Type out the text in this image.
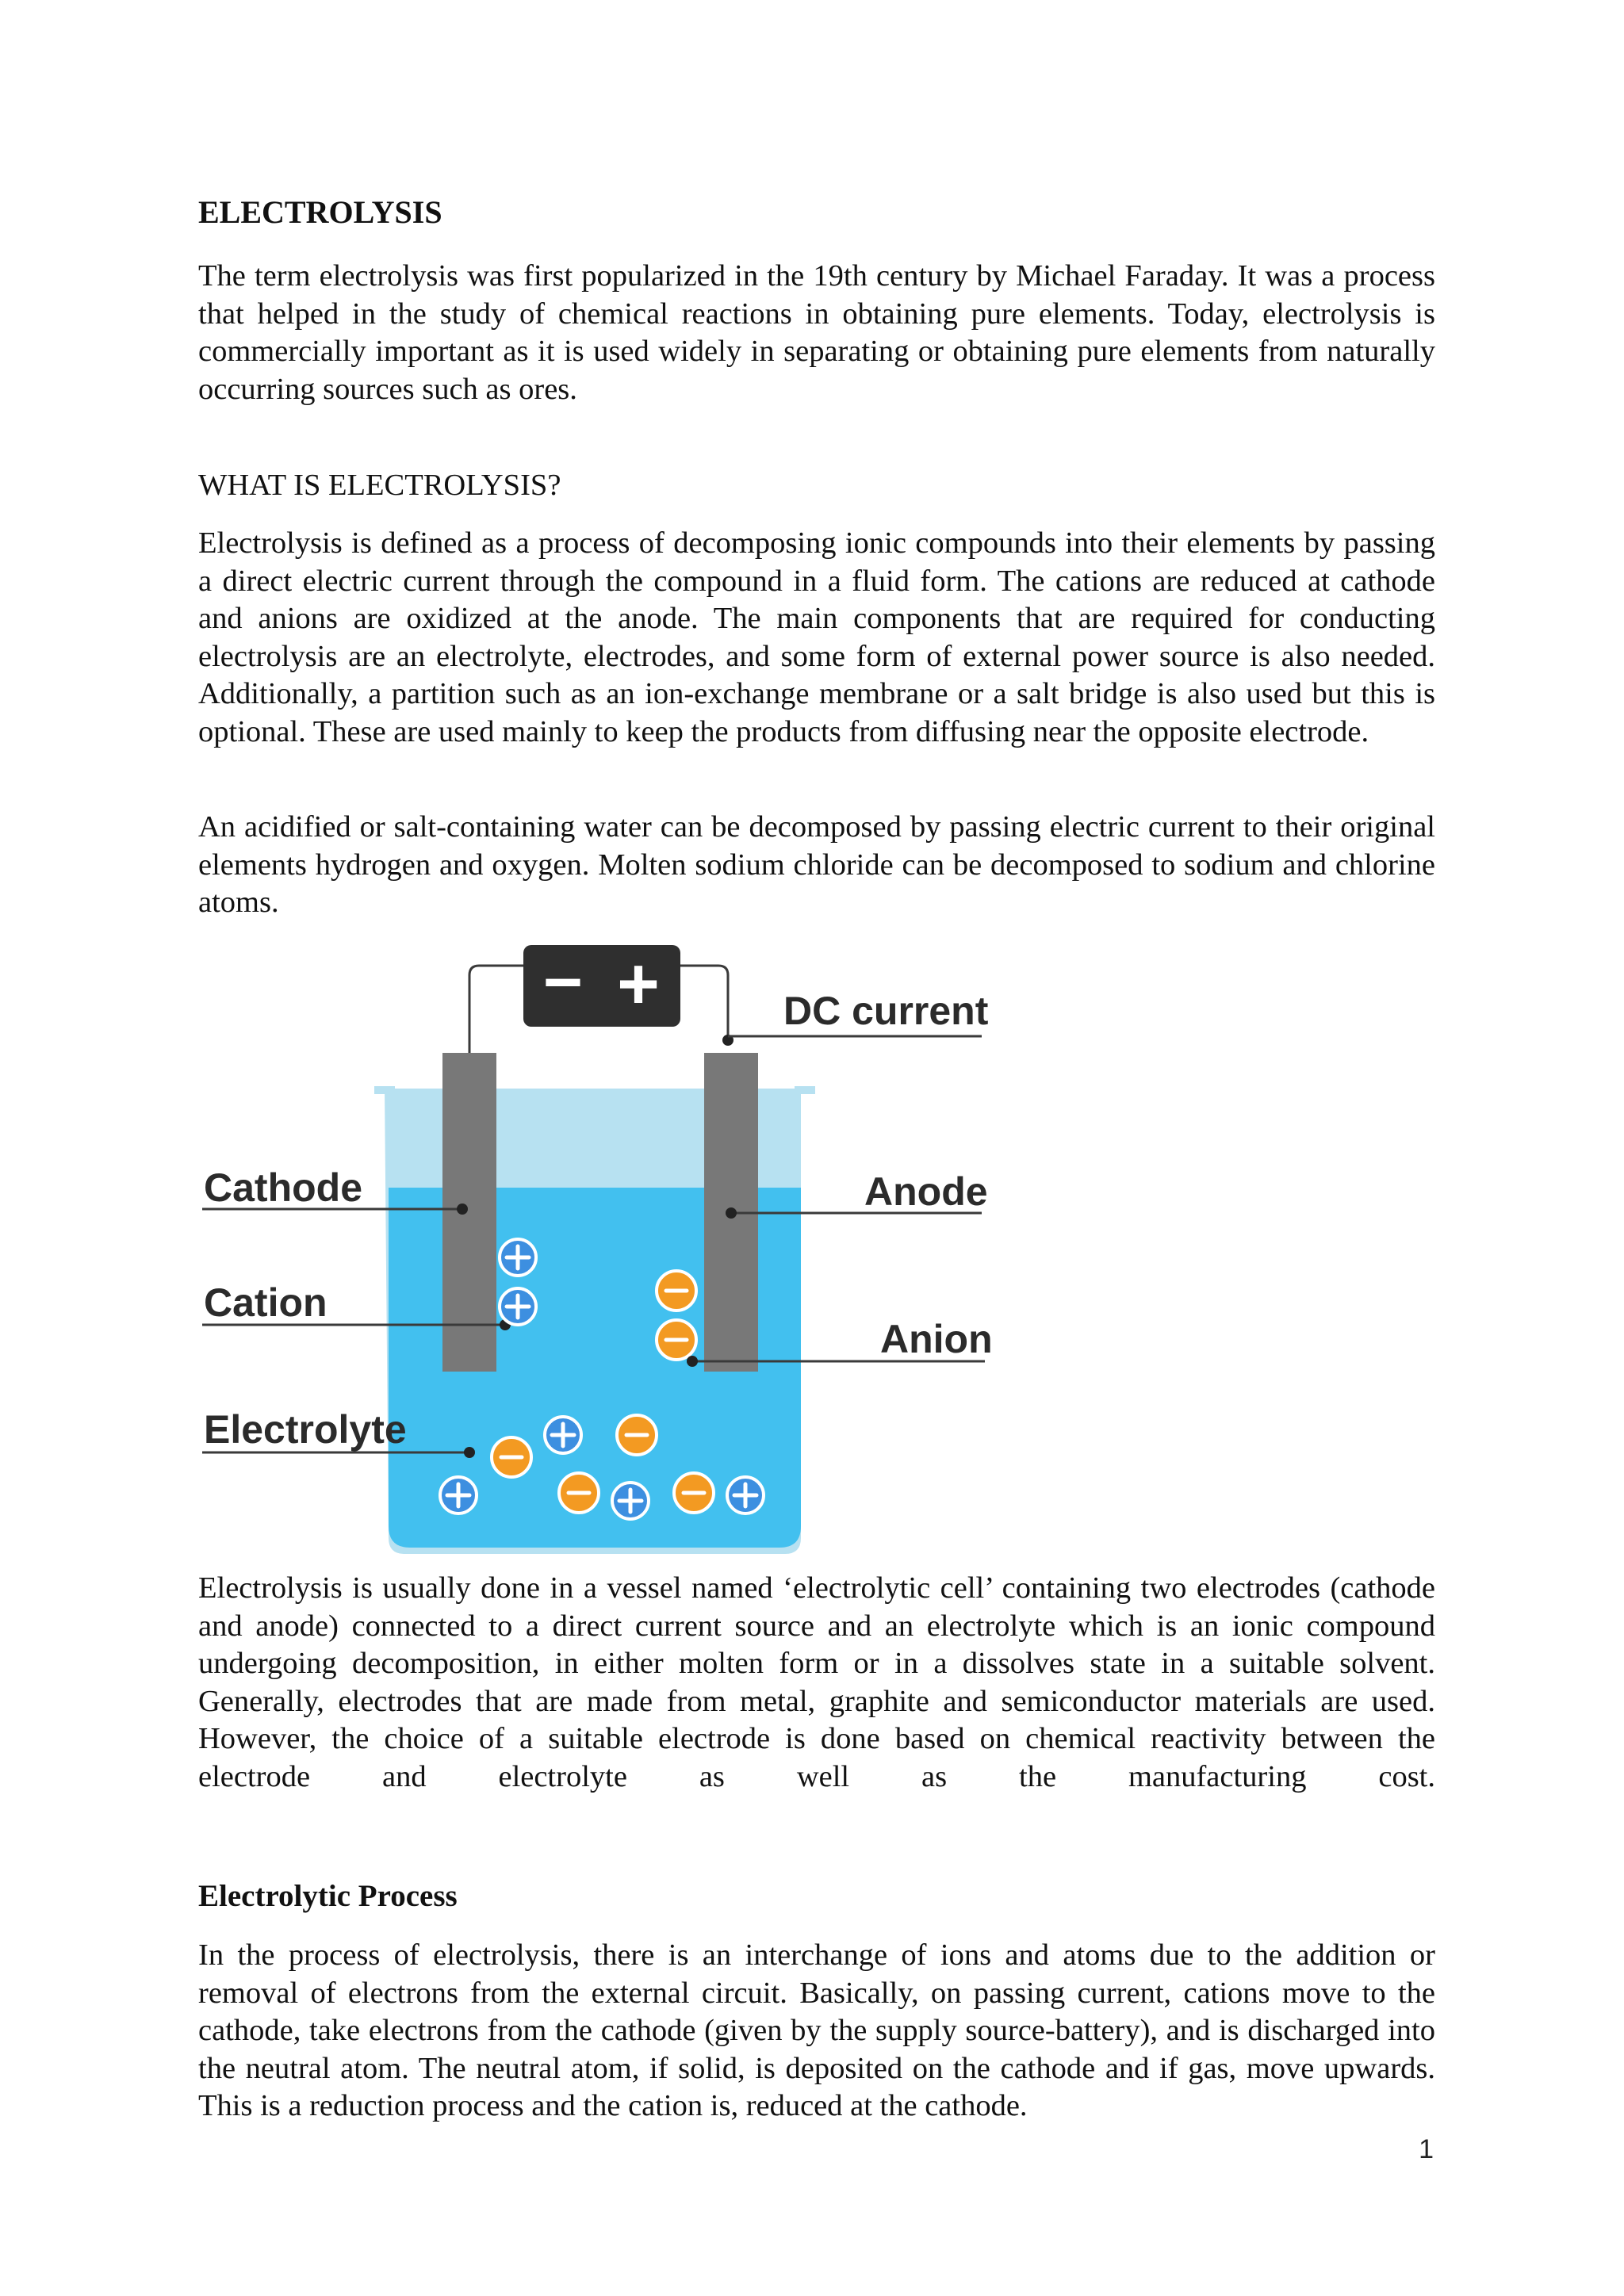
ELECTROLYSIS

The term electrolysis was first popularized in the 19th century by Michael Faraday. It was a process that helped in the study of chemical reactions in obtaining pure elements. Today, electrolysis is commercially important as it is used widely in separating or obtaining pure elements from naturally occurring sources such as ores.

WHAT IS ELECTROLYSIS?

Electrolysis is defined as a process of decomposing ionic compounds into their elements by passing a direct electric current through the compound in a fluid form. The cations are reduced at cathode and anions are oxidized at the anode. The main components that are required for conducting electrolysis are an electrolyte, electrodes, and some form of external power source is also needed. Additionally, a partition such as an ion-exchange membrane or a salt bridge is also used but this is optional. These are used mainly to keep the products from diffusing near the opposite electrode.

An acidified or salt-containing water can be decomposed by passing electric current to their original elements hydrogen and oxygen. Molten sodium chloride can be decomposed to sodium and chlorine atoms.

− +	DC current
Cathode	Anode
Cation
Anion
Electrolyte

Electrolysis is usually done in a vessel named ‘electrolytic cell’ containing two electrodes (cathode and anode) connected to a direct current source and an electrolyte which is an ionic compound undergoing decomposition, in either molten form or in a dissolves state in a suitable solvent. Generally, electrodes that are made from metal, graphite and semiconductor materials are used. However, the choice of a suitable electrode is done based on chemical reactivity between the electrode and electrolyte as well as the manufacturing cost.

Electrolytic Process

In the process of electrolysis, there is an interchange of ions and atoms due to the addition or removal of electrons from the external circuit. Basically, on passing current, cations move to the cathode, take electrons from the cathode (given by the supply source-battery), and is discharged into the neutral atom. The neutral atom, if solid, is deposited on the cathode and if gas, move upwards. This is a reduction process and the cation is, reduced at the cathode.

1
